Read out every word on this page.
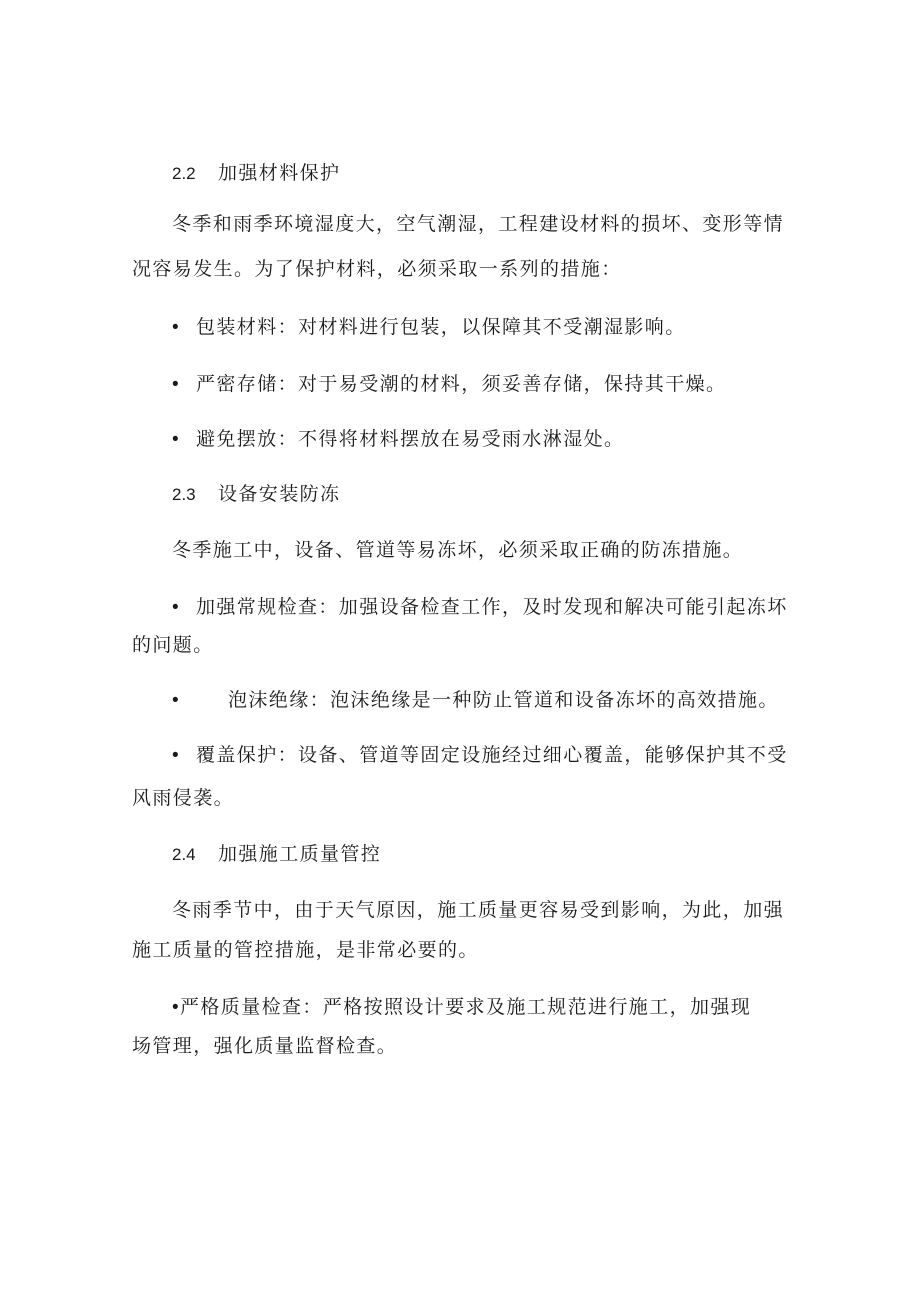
2.2 加强材料保护
冬季和雨季环境湿度大，空气潮湿，工程建设材料的损坏、变形等情
况容易发生。为了保护材料，必须采取一系列的措施：
• 包装材料：对材料进行包装，以保障其不受潮湿影响。
• 严密存储：对于易受潮的材料，须妥善存储，保持其干燥。
• 避免摆放：不得将材料摆放在易受雨水淋湿处。
2.3 设备安装防冻
冬季施工中，设备、管道等易冻坏，必须采取正确的防冻措施。
• 加强常规检查：加强设备检查工作，及时发现和解决可能引起冻坏
的问题。
•	泡沫绝缘：泡沫绝缘是一种防止管道和设备冻坏的高效措施。
• 覆盖保护：设备、管道等固定设施经过细心覆盖，能够保护其不受
风雨侵袭。
2.4 加强施工质量管控
冬雨季节中，由于天气原因，施工质量更容易受到影响，为此，加强
施工质量的管控措施，是非常必要的。
•严格质量检查：严格按照设计要求及施工规范进行施工，加强现
场管理，强化质量监督检查。
